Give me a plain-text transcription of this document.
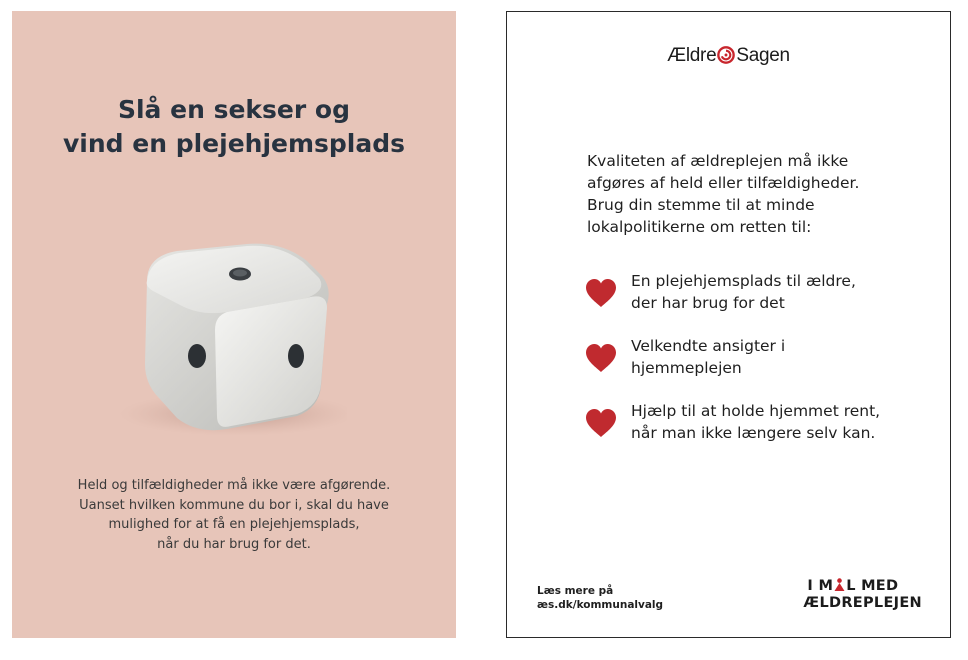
Slå en sekser og
vind en plejehjemsplads
Held og tilfældigheder må ikke være afgørende.
Uanset hvilken kommune du bor i, skal du have
mulighed for at få en plejehjemsplads,
når du har brug for det.
Ældre Sagen
Kvaliteten af ældreplejen må ikke
afgøres af held eller tilfældigheder.
Brug din stemme til at minde
lokalpolitikerne om retten til:
En plejehjemsplads til ældre,
der har brug for det
Velkendte ansigter i
hjemmeplejen
Hjælp til at holde hjemmet rent,
når man ikke længere selv kan.
Læs mere på
æs.dk/kommunalvalg
I M L MED
ÆLDREPLEJEN
